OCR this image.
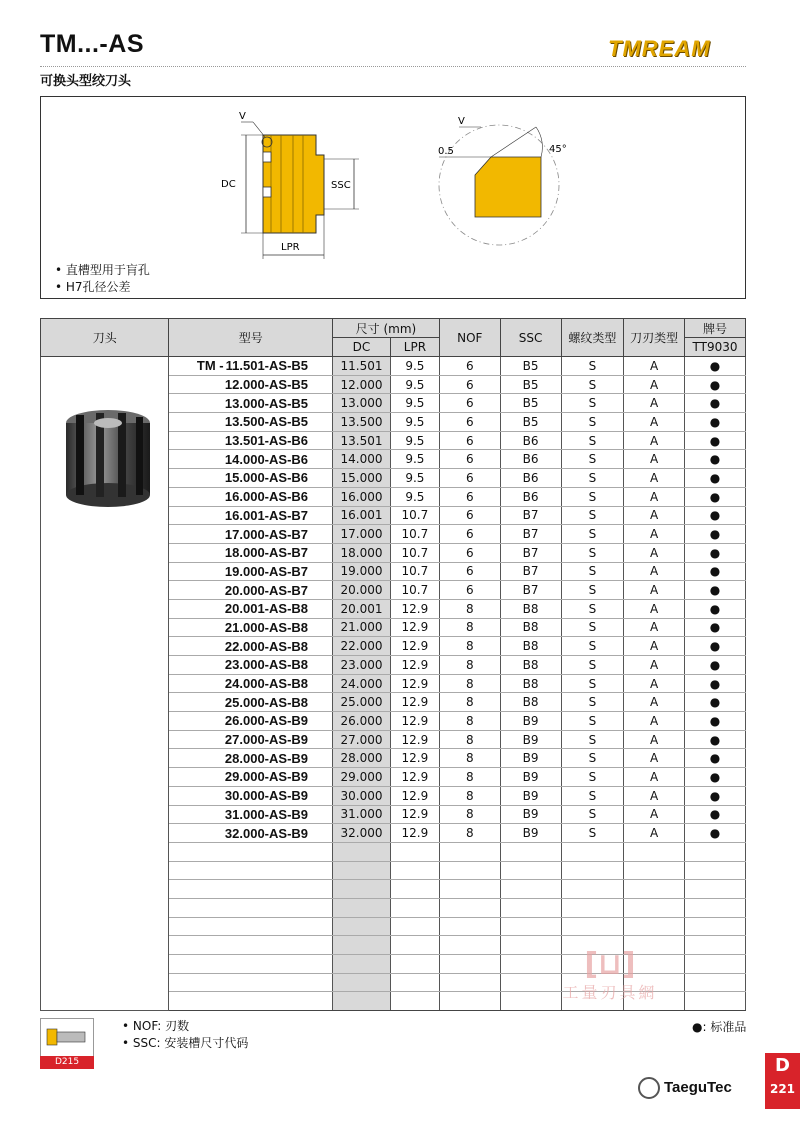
TM...-AS	TMREAM
可换头型绞刀头
V
DC	SSC
LPR
V
0.5	45°
• 直槽型用于肓孔
• H7孔径公差
刀头	型号	尺寸 (mm)		NOF	SSC	螺纹类型	刀刃类型	牌号
		DC	LPR					TT9030
	TM - 11.501-AS-B5	11.501	9.5	6	B5	S	A	●
	12.000-AS-B5	12.000	9.5	6	B5	S	A	●
	13.000-AS-B5	13.000	9.5	6	B5	S	A	●
	13.500-AS-B5	13.500	9.5	6	B5	S	A	●
	13.501-AS-B6	13.501	9.5	6	B6	S	A	●
	14.000-AS-B6	14.000	9.5	6	B6	S	A	●
	15.000-AS-B6	15.000	9.5	6	B6	S	A	●
	16.000-AS-B6	16.000	9.5	6	B6	S	A	●
	16.001-AS-B7	16.001	10.7	6	B7	S	A	●
	17.000-AS-B7	17.000	10.7	6	B7	S	A	●
	18.000-AS-B7	18.000	10.7	6	B7	S	A	●
	19.000-AS-B7	19.000	10.7	6	B7	S	A	●
	20.000-AS-B7	20.000	10.7	6	B7	S	A	●
	20.001-AS-B8	20.001	12.9	8	B8	S	A	●
	21.000-AS-B8	21.000	12.9	8	B8	S	A	●
	22.000-AS-B8	22.000	12.9	8	B8	S	A	●
	23.000-AS-B8	23.000	12.9	8	B8	S	A	●
	24.000-AS-B8	24.000	12.9	8	B8	S	A	●
	25.000-AS-B8	25.000	12.9	8	B8	S	A	●
	26.000-AS-B9	26.000	12.9	8	B9	S	A	●
	27.000-AS-B9	27.000	12.9	8	B9	S	A	●
	28.000-AS-B9	28.000	12.9	8	B9	S	A	●
	29.000-AS-B9	29.000	12.9	8	B9	S	A	●
	30.000-AS-B9	30.000	12.9	8	B9	S	A	●
	31.000-AS-B9	31.000	12.9	8	B9	S	A	●
	32.000-AS-B9	32.000	12.9	8	B9	S	A	●

[⊔]
工量刃具網
D215
• NOF: 刃数
• SSC: 安装槽尺寸代码
●: 标准品
TaeguTec
D
221
